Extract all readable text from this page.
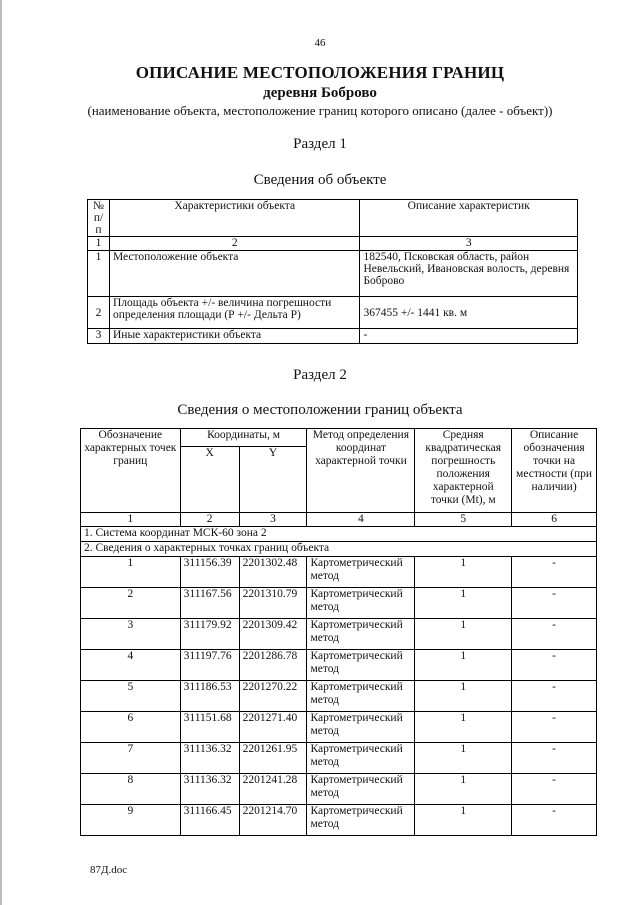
46
ОПИСАНИЕ МЕСТОПОЛОЖЕНИЯ ГРАНИЦ
деревня Боброво
(наименование объекта, местоположение границ которого описано (далее - объект))
Раздел 1
Сведения об объекте
№ п/п	Характеристики объекта	Описание характеристик
1	2	3
1	Местоположение объекта	182540, Псковская область, район Невельский, Ивановская волость, деревня Боброво
2	Площадь объекта +/- величина погрешности определения площади (Р +/- Дельта Р)	367455 +/- 1441 кв. м
3	Иные характеристики объекта	-
Раздел 2
Сведения о местоположении границ объекта
Обозначение характерных точек границ	Координаты, м		Метод определения координат характерной точки	Средняя квадратическая погрешность положения характерной точки (Mt), м	Описание обозначения точки на местности (при наличии)
	X	Y			
1	2	3	4	5	6
1. Система координат МСК-60 зона 2					
2. Сведения о характерных точках границ объекта					
1	311156.39	2201302.48	Картометрический метод	1	-
2	311167.56	2201310.79	Картометрический метод	1	-
3	311179.92	2201309.42	Картометрический метод	1	-
4	311197.76	2201286.78	Картометрический метод	1	-
5	311186.53	2201270.22	Картометрический метод	1	-
6	311151.68	2201271.40	Картометрический метод	1	-
7	311136.32	2201261.95	Картометрический метод	1	-
8	311136.32	2201241.28	Картометрический метод	1	-
9	311166.45	2201214.70	Картометрический метод	1	-
87Д.doc
